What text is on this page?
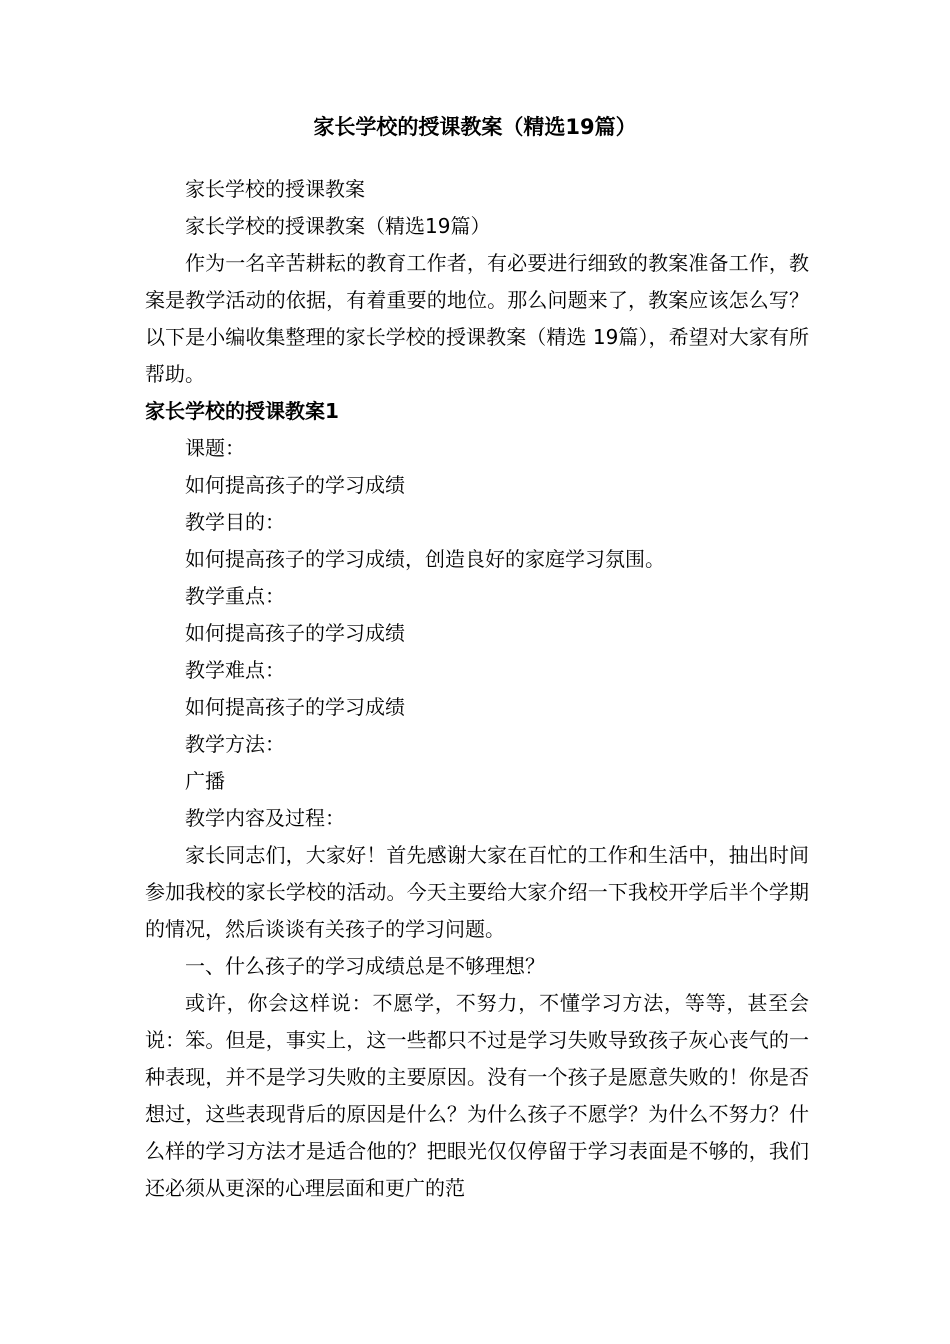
家长学校的授课教案（精选19篇）

家长学校的授课教案

家长学校的授课教案（精选19篇）

作为一名辛苦耕耘的教育工作者，有必要进行细致的教案准备工作，教案是教学活动的依据，有着重要的地位。那么问题来了，教案应该怎么写？以下是小编收集整理的家长学校的授课教案（精选 19篇），希望对大家有所帮助。

家长学校的授课教案1

课题：

如何提高孩子的学习成绩

教学目的：

如何提高孩子的学习成绩，创造良好的家庭学习氛围。

教学重点：

如何提高孩子的学习成绩

教学难点：

如何提高孩子的学习成绩

教学方法：

广播

教学内容及过程：

家长同志们，大家好！首先感谢大家在百忙的工作和生活中，抽出时间参加我校的家长学校的活动。今天主要给大家介绍一下我校开学后半个学期的情况，然后谈谈有关孩子的学习问题。

一、什么孩子的学习成绩总是不够理想？

或许，你会这样说：不愿学，不努力，不懂学习方法，等等，甚至会说：笨。但是，事实上，这一些都只不过是学习失败导致孩子灰心丧气的一种表现，并不是学习失败的主要原因。没有一个孩子是愿意失败的！你是否想过，这些表现背后的原因是什么？为什么孩子不愿学？为什么不努力？什么样的学习方法才是适合他的？把眼光仅仅停留于学习表面是不够的，我们还必须从更深的心理层面和更广的范
